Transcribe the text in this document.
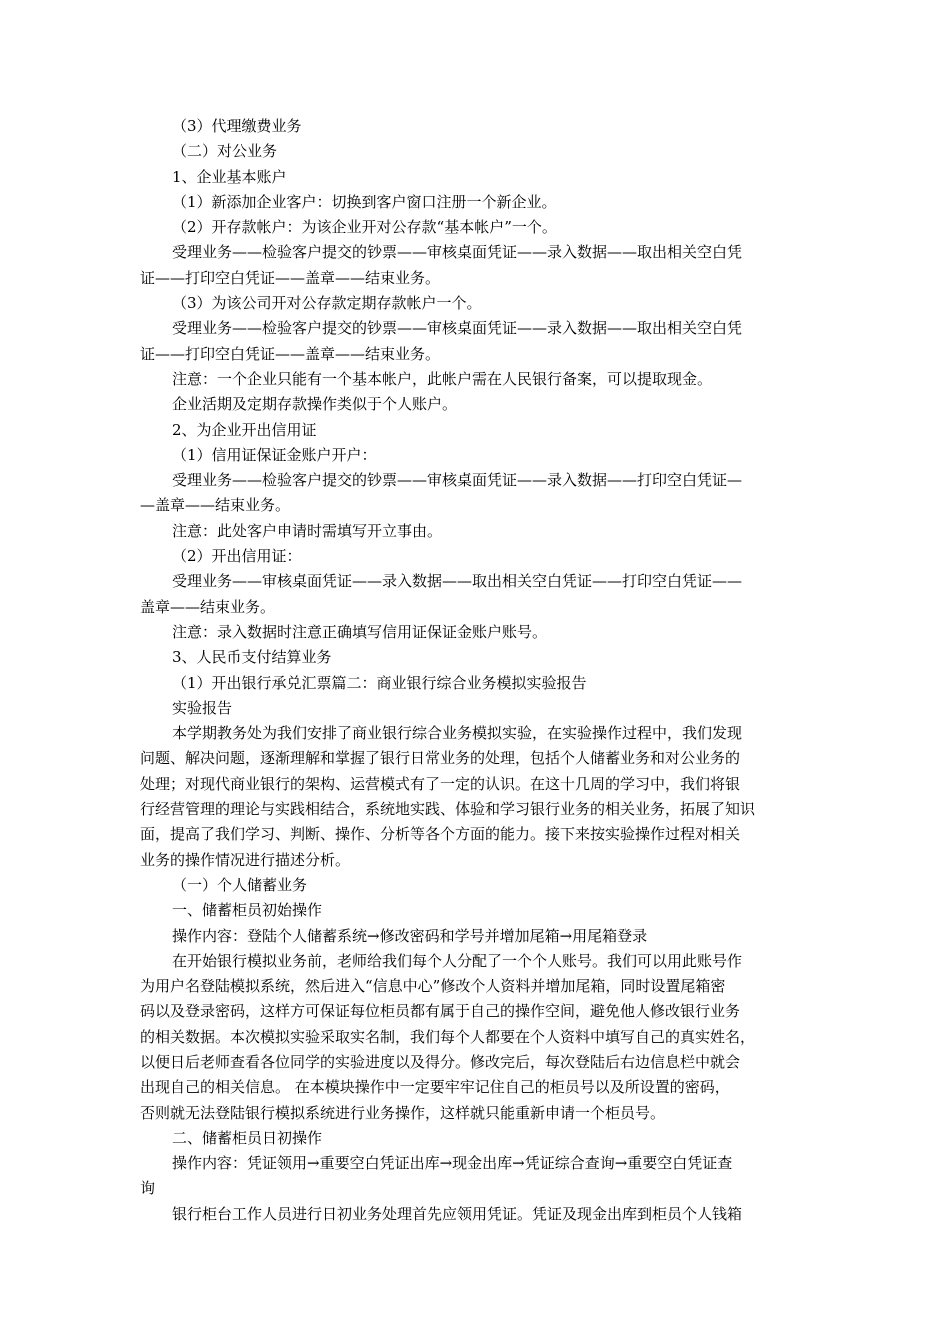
（3）代理缴费业务
（二）对公业务
1、企业基本账户
（1）新添加企业客户：切换到客户窗口注册一个新企业。
（2）开存款帐户：为该企业开对公存款“基本帐户”一个。
受理业务——检验客户提交的钞票——审核桌面凭证——录入数据——取出相关空白凭
证——打印空白凭证——盖章——结束业务。
（3）为该公司开对公存款定期存款帐户一个。
受理业务——检验客户提交的钞票——审核桌面凭证——录入数据——取出相关空白凭
证——打印空白凭证——盖章——结束业务。
注意：一个企业只能有一个基本帐户，此帐户需在人民银行备案，可以提取现金。
企业活期及定期存款操作类似于个人账户。
2、为企业开出信用证
（1）信用证保证金账户开户：
受理业务——检验客户提交的钞票——审核桌面凭证——录入数据——打印空白凭证—
—盖章——结束业务。
注意：此处客户申请时需填写开立事由。
（2）开出信用证：
受理业务——审核桌面凭证——录入数据——取出相关空白凭证——打印空白凭证——
盖章——结束业务。
注意：录入数据时注意正确填写信用证保证金账户账号。
3、人民币支付结算业务
（1）开出银行承兑汇票篇二：商业银行综合业务模拟实验报告
实验报告
本学期教务处为我们安排了商业银行综合业务模拟实验，在实验操作过程中，我们发现
问题、解决问题，逐渐理解和掌握了银行日常业务的处理，包括个人储蓄业务和对公业务的
处理；对现代商业银行的架构、运营模式有了一定的认识。在这十几周的学习中，我们将银
行经营管理的理论与实践相结合，系统地实践、体验和学习银行业务的相关业务，拓展了知识
面，提高了我们学习、判断、操作、分析等各个方面的能力。接下来按实验操作过程对相关
业务的操作情况进行描述分析。
（一）个人储蓄业务
一、储蓄柜员初始操作
操作内容：登陆个人储蓄系统→修改密码和学号并增加尾箱→用尾箱登录
在开始银行模拟业务前，老师给我们每个人分配了一个个人账号。我们可以用此账号作
为用户名登陆模拟系统，然后进入“信息中心”修改个人资料并增加尾箱，同时设置尾箱密
码以及登录密码，这样方可保证每位柜员都有属于自己的操作空间，避免他人修改银行业务
的相关数据。本次模拟实验采取实名制，我们每个人都要在个人资料中填写自己的真实姓名，
以便日后老师查看各位同学的实验进度以及得分。修改完后，每次登陆后右边信息栏中就会
出现自己的相关信息。 在本模块操作中一定要牢牢记住自己的柜员号以及所设置的密码，
否则就无法登陆银行模拟系统进行业务操作，这样就只能重新申请一个柜员号。
二、储蓄柜员日初操作
操作内容：凭证领用→重要空白凭证出库→现金出库→凭证综合查询→重要空白凭证查
询
银行柜台工作人员进行日初业务处理首先应领用凭证。凭证及现金出库到柜员个人钱箱
